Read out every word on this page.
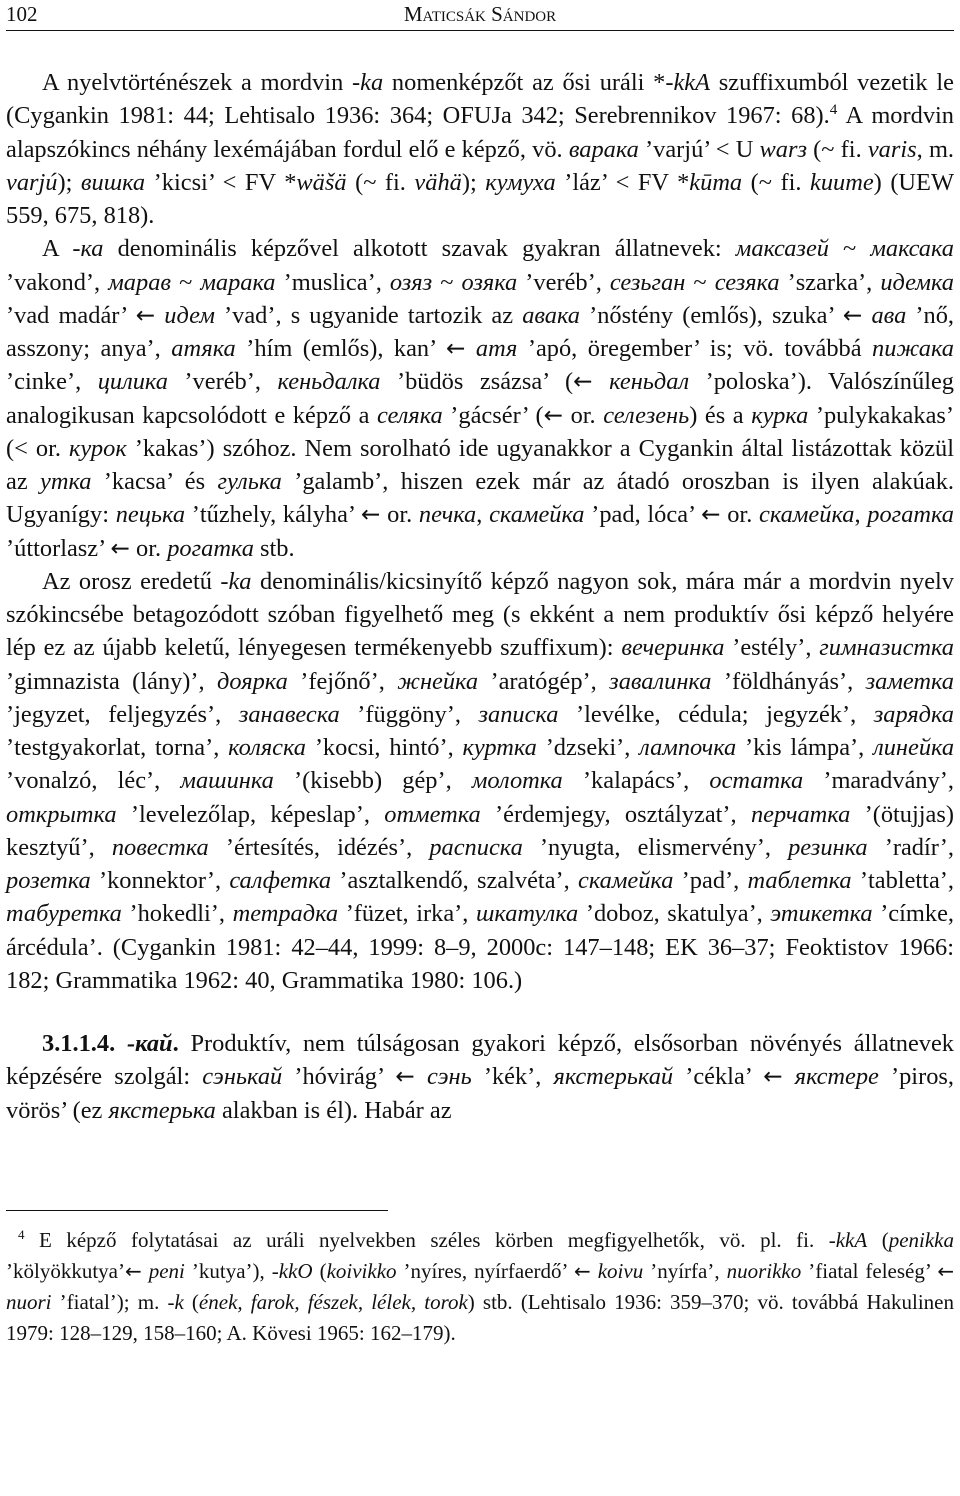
102	Maticsák Sándor

A nyelvtörténészek a mordvin -ka nomenképzőt az ősi uráli *-kkA szuffixumból vezetik le (Cygankin 1981: 44; Lehtisalo 1936: 364; OFUJa 342; Serebrennikov 1967: 68).$^4$ A mordvin alapszókincs néhány lexémájában fordul elő e képző, vö. варака ’varjú’ < U warз (~ fi. varis, m. varjú); вишка ’kicsi’ < FV *wäšä (~ fi. vähä); кумуха ’láz’ < FV *kūma (~ fi. kuume) (UEW 559, 675, 818).

A -ка denominális képzővel alkotott szavak gyakran állatnevek: максазей ~ максака ’vakond’, марав ~ марака ’muslica’, озяз ~ озяка ’veréb’, сезьган ~ сезяка ’szarka’, идемка ’vad madár’ ← идем ’vad’, s ugyanide tartozik az авака ’nőstény (emlős), szuka’ ← ава ’nő, asszony; anya’, атяка ’hím (emlős), kan’ ← атя ’apó, öregember’ is; vö. továbbá пижака ’cinke’, цилика ’veréb’, кеньдалка ’büdös zsázsa’ (← кеньдал ’poloska’). Valószínűleg analogikusan kapcsolódott e képző a селяка ’gácsér’ (← or. селезень) és a курка ’pulykakakas’ (< or. курок ’kakas’) szóhoz. Nem sorolható ide ugyanakkor a Cygankin által listázottak közül az утка ’kacsa’ és гулька ’galamb’, hiszen ezek már az átadó oroszban is ilyen alakúak. Ugyanígy: пецька ’tűzhely, kályha’ ← or. печка, скамейка ’pad, lóca’ ← or. скамейка, рогатка ’úttorlasz’ ← or. рогатка stb.

Az orosz eredetű -ka denominális/kicsinyítő képző nagyon sok, mára már a mordvin nyelv szókincsébe betagozódott szóban figyelhető meg (s ekként a nem produktív ősi képző helyére lép ez az újabb keletű, lényegesen termékenyebb szuffixum): вечеринка ’estély’, гимназистка ’gimnazista (lány)’, доярка ’fejőnő’, жнейка ’aratógép’, завалинка ’földhányás’, заметка ’jegyzet, feljegyzés’, занавеска ’függöny’, записка ’levélke, cédula; jegyzék’, зарядка ’testgyakorlat, torna’, коляска ’kocsi, hintó’, куртка ’dzseki’, лампочка ’kis lámpa’, линейка ’vonalzó, léc’, машинка ’(kisebb) gép’, молотка ’kalapács’, остатка ’maradvány’, открытка ’levelezőlap, képeslap’, отметка ’érdemjegy, osztályzat’, перчатка ’(ötujjas) kesztyű’, повестка ’értesítés, idézés’, расписка ’nyugta, elismervény’, резинка ’radír’, розетка ’konnektor’, салфетка ’asztalkendő, szalvéta’, скамейка ’pad’, таблетка ’tabletta’, табуретка ’hokedli’, тетрадка ’füzet, irka’, шкатулка ’doboz, skatulya’, этикетка ’címke, árcédula’. (Cygankin 1981: 42–44, 1999: 8–9, 2000c: 147–148; EK 36–37; Feoktistov 1966: 182; Grammatika 1962: 40, Grammatika 1980: 106.)

3.1.1.4. -кай. Produktív, nem túlságosan gyakori képző, elsősorban növényés állatnevek képzésére szolgál: сэнькай ’hóvirág’ ← сэнь ’kék’, якстерькай ’cékla’ ← якстере ’piros, vörös’ (ez якстерька alakban is él). Habár az

$^4$ E képző folytatásai az uráli nyelvekben széles körben megfigyelhetők, vö. pl. fi. -kkA (penikka ’kölyökkutya’← peni ’kutya’), -kkO (koivikko ’nyíres, nyírfaerdő’ ← koivu ’nyírfa’, nuorikko ’fiatal feleség’ ← nuori ’fiatal’); m. -k (ének, farok, fészek, lélek, torok) stb. (Lehtisalo 1936: 359–370; vö. továbbá Hakulinen 1979: 128–129, 158–160; A. Kövesi 1965: 162–179).
